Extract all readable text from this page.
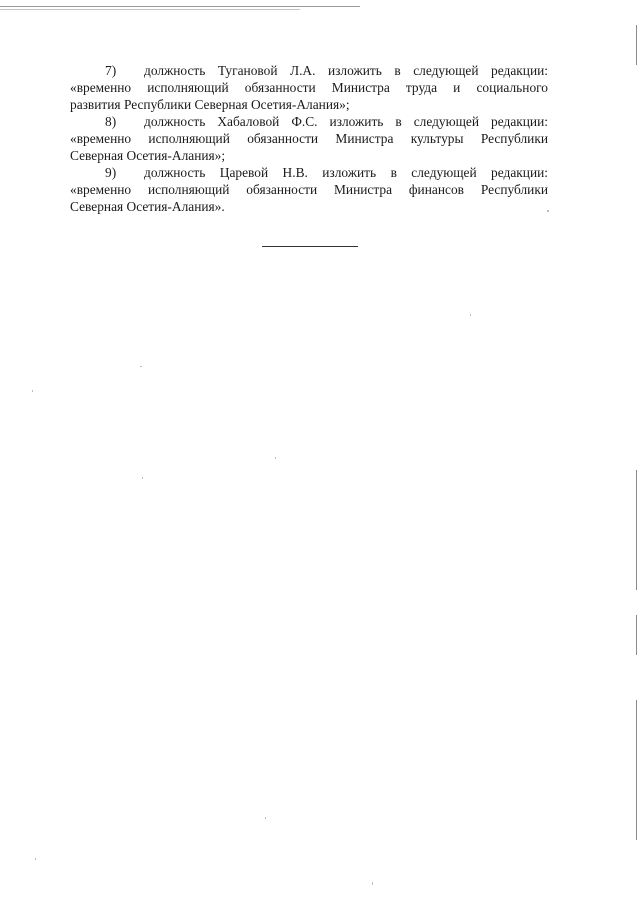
7) должность Тугановой Л.А. изложить в следующей редакции:
«временно исполняющий обязанности Министра труда и социального
развития Республики Северная Осетия-Алания»;
8) должность Хабаловой Ф.С. изложить в следующей редакции:
«временно исполняющий обязанности Министра культуры Республики
Северная Осетия-Алания»;
9) должность Царевой Н.В. изложить в следующей редакции:
«временно исполняющий обязанности Министра финансов Республики
Северная Осетия-Алания».
